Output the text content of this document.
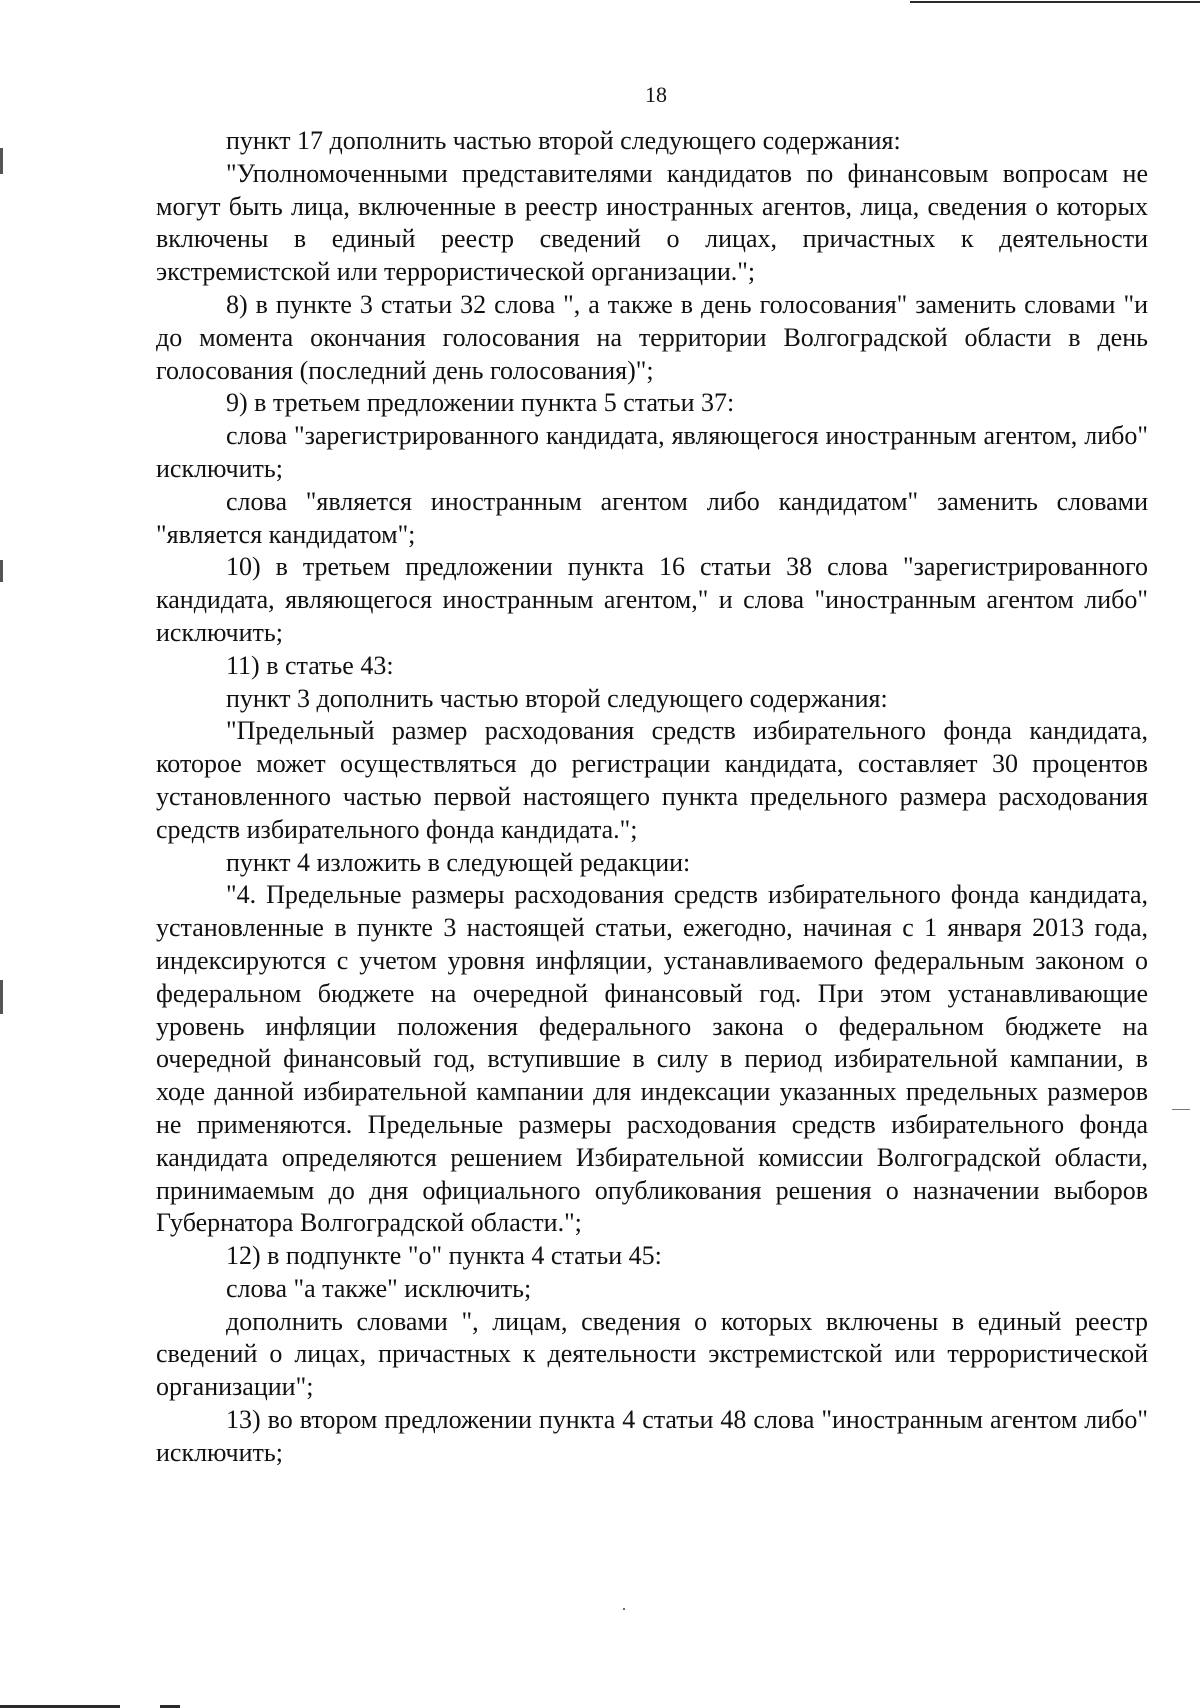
18

пункт 17 дополнить частью второй следующего содержания:

"Уполномоченными представителями кандидатов по финансовым вопросам не могут быть лица, включенные в реестр иностранных агентов, лица, сведения о которых включены в единый реестр сведений о лицах, причастных к деятельности экстремистской или террористической организации.";

8) в пункте 3 статьи 32 слова ", а также в день голосования" заменить словами "и до момента окончания голосования на территории Волгоградской области в день голосования (последний день голосования)";

9) в третьем предложении пункта 5 статьи 37:

слова "зарегистрированного кандидата, являющегося иностранным агентом, либо" исключить;

слова "является иностранным агентом либо кандидатом" заменить словами "является кандидатом";

10) в третьем предложении пункта 16 статьи 38 слова "зарегистрированного кандидата, являющегося иностранным агентом," и слова "иностранным агентом либо" исключить;

11) в статье 43:

пункт 3 дополнить частью второй следующего содержания:

"Предельный размер расходования средств избирательного фонда кандидата, которое может осуществляться до регистрации кандидата, составляет 30 процентов установленного частью первой настоящего пункта предельного размера расходования средств избирательного фонда кандидата.";

пункт 4 изложить в следующей редакции:

"4. Предельные размеры расходования средств избирательного фонда кандидата, установленные в пункте 3 настоящей статьи, ежегодно, начиная с 1 января 2013 года, индексируются с учетом уровня инфляции, устанавливаемого федеральным законом о федеральном бюджете на очередной финансовый год. При этом устанавливающие уровень инфляции положения федерального закона о федеральном бюджете на очередной финансовый год, вступившие в силу в период избирательной кампании, в ходе данной избирательной кампании для индексации указанных предельных размеров не применяются. Предельные размеры расходования средств избирательного фонда кандидата определяются решением Избирательной комиссии Волгоградской области, принимаемым до дня официального опубликования решения о назначении выборов Губернатора Волгоградской области.";

12) в подпункте "о" пункта 4 статьи 45:

слова "а также" исключить;

дополнить словами ", лицам, сведения о которых включены в единый реестр сведений о лицах, причастных к деятельности экстремистской или террористической организации";

13) во втором предложении пункта 4 статьи 48 слова "иностранным агентом либо" исключить;
